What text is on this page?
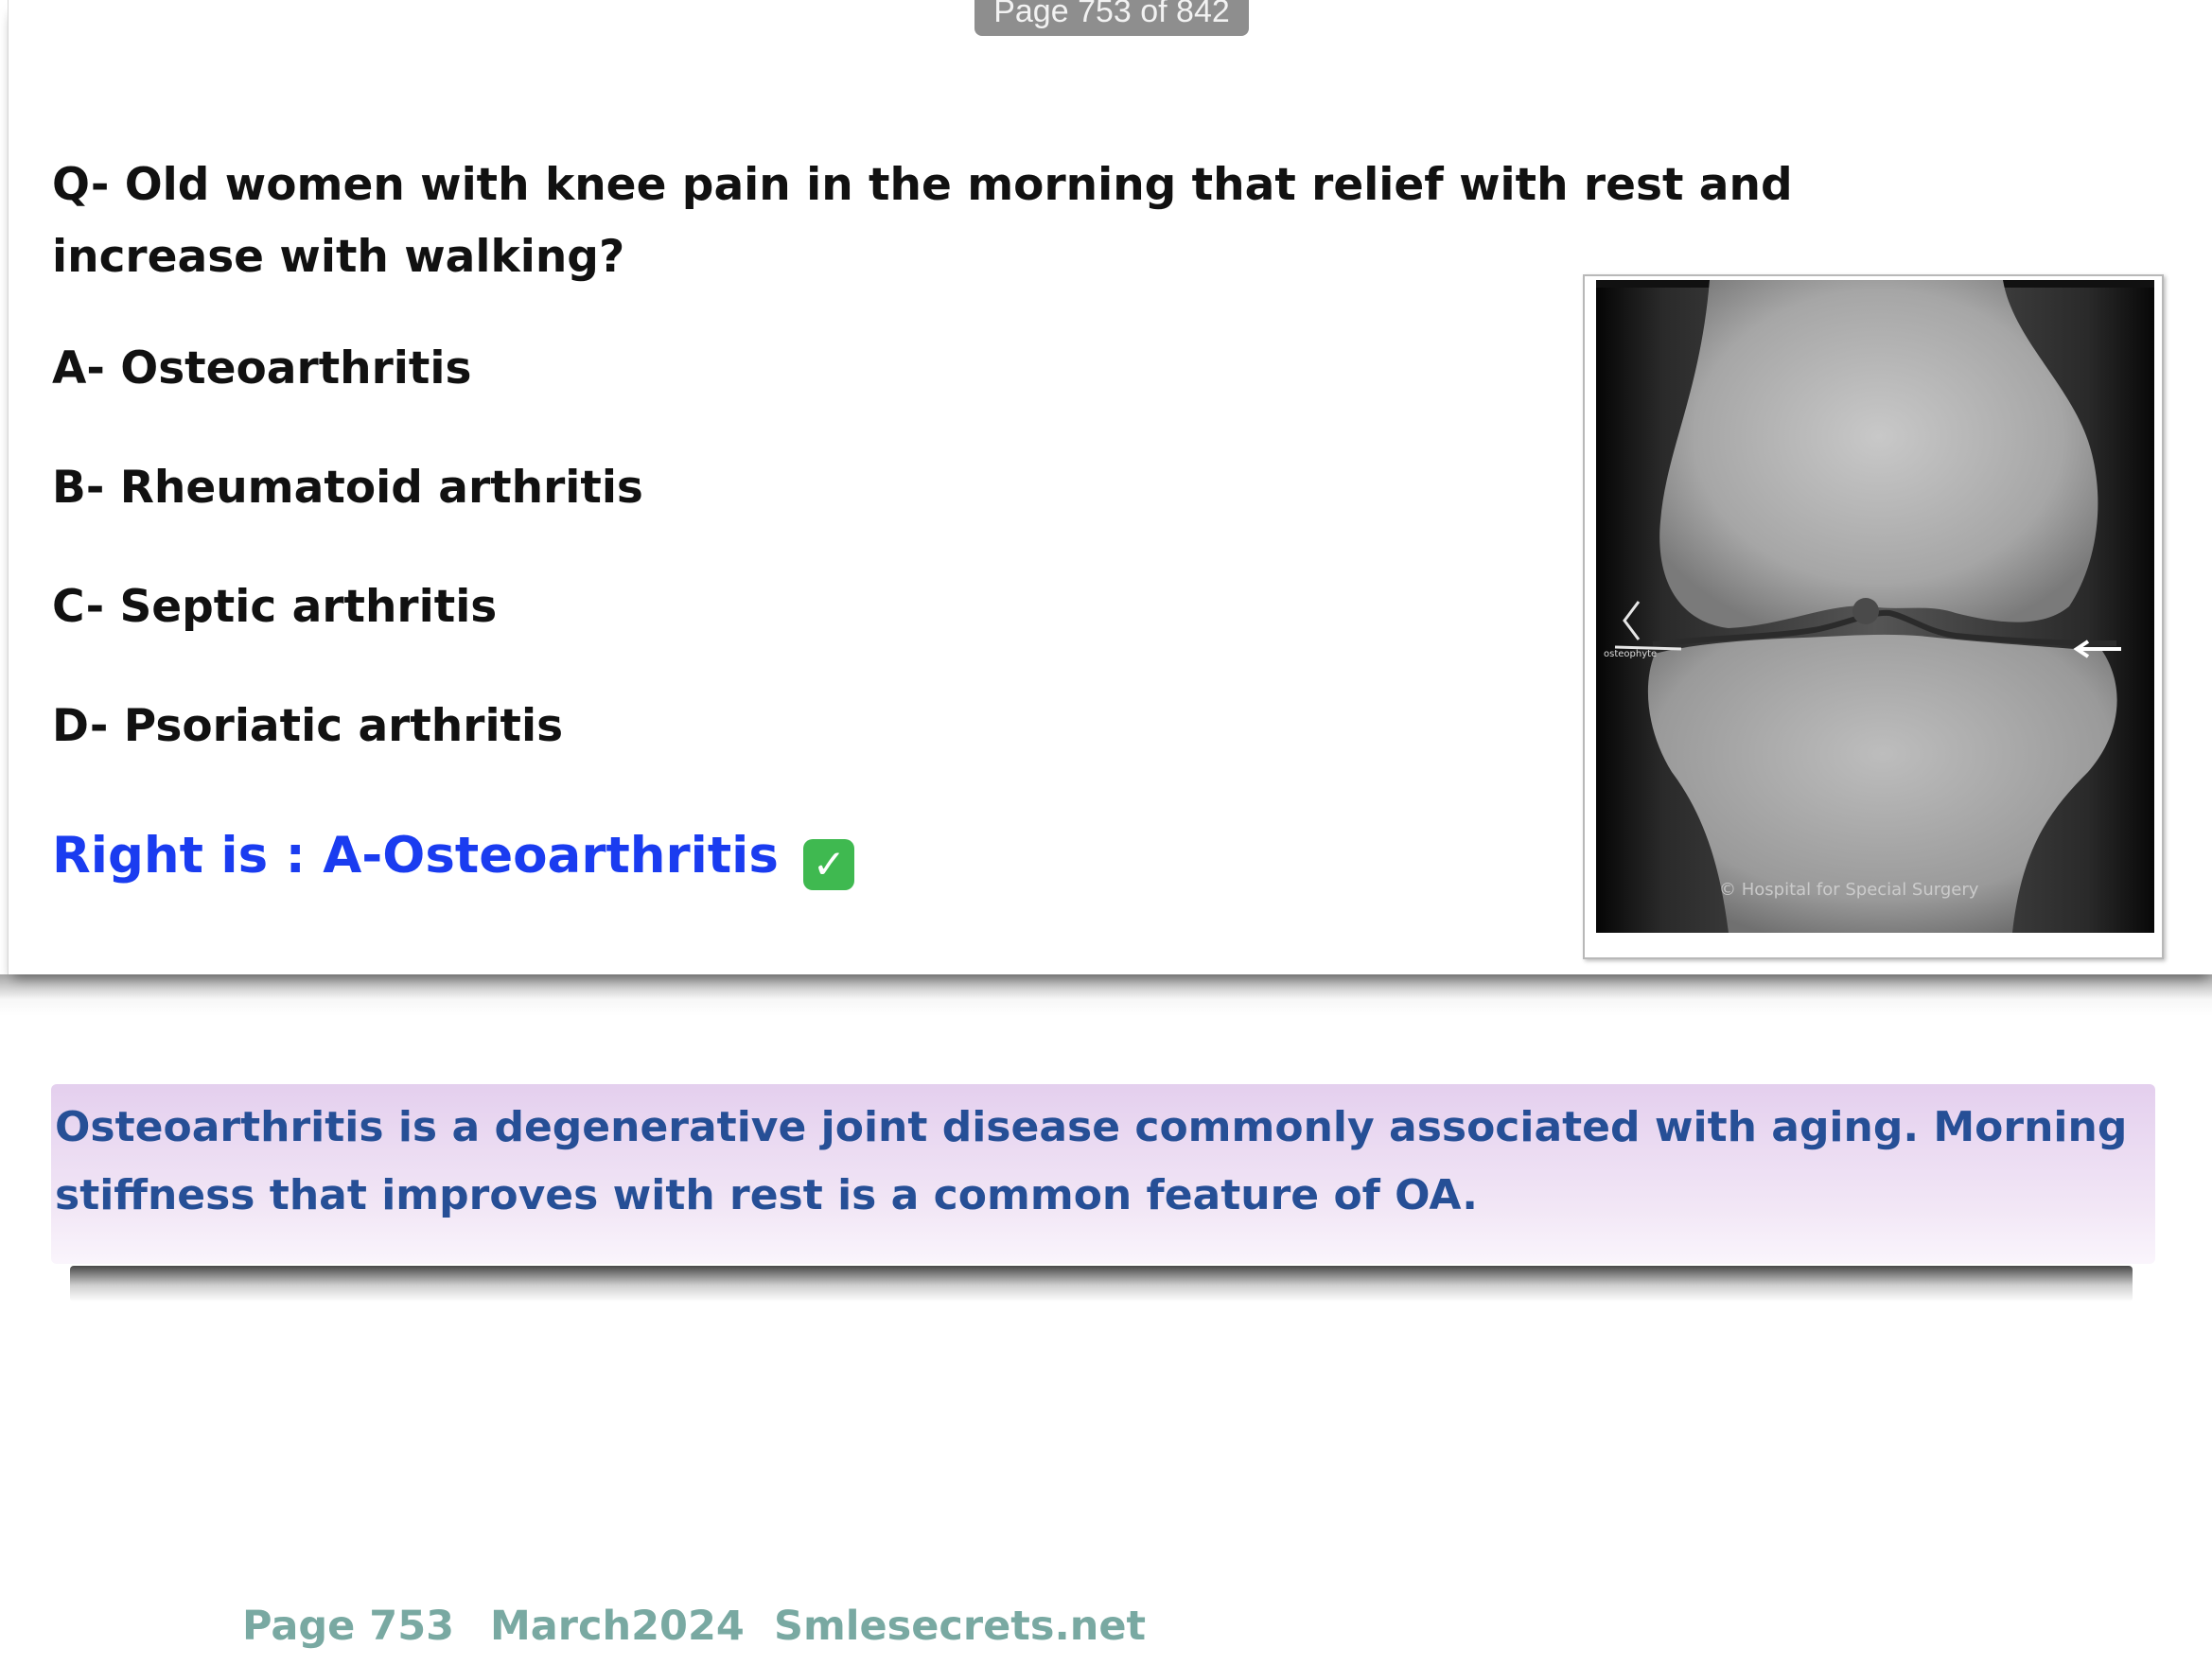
Q- Old women with knee pain in the morning that relief with rest and increase with walking?
A- Osteoarthritis
B- Rheumatoid arthritis
C- Septic arthritis
D- Psoriatic arthritis
Right is : A-Osteoarthritis ✓
osteophyte
© Hospital for Special Surgery
Page 753 of 842
Osteoarthritis is a degenerative joint disease commonly associated with aging. Morning stiffness that improves with rest is a common feature of OA.
Page 753 March2024 Smlesecrets.net
